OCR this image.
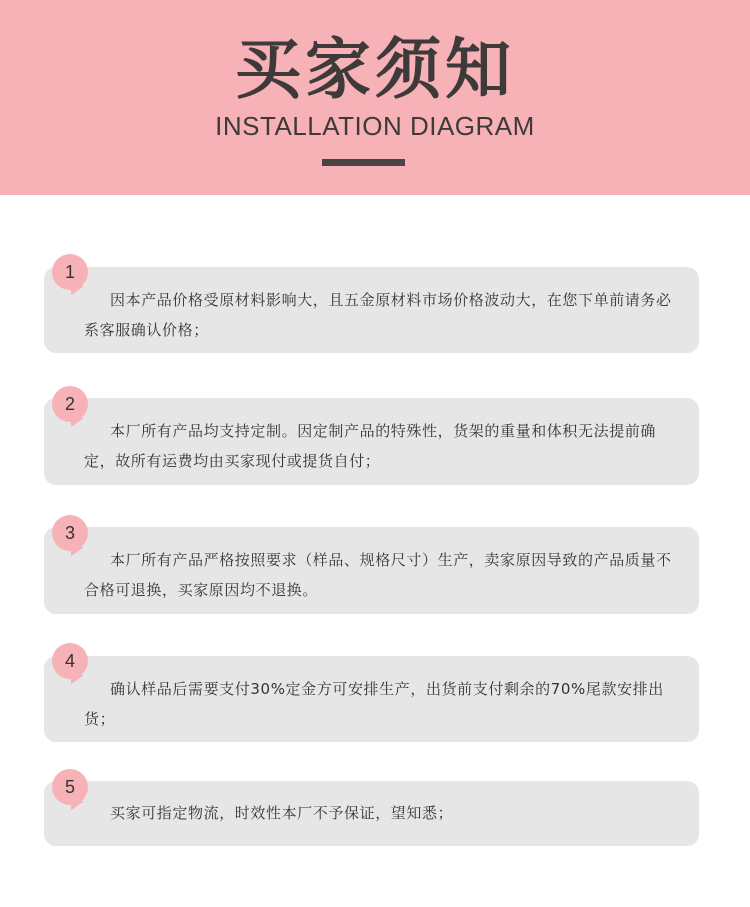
买家须知
INSTALLATION DIAGRAM
因本产品价格受原材料影响大，且五金原材料市场价格波动大，在您下单前请务必系客服确认价格；
1
本厂所有产品均支持定制。因定制产品的特殊性，货架的重量和体积无法提前确定，故所有运费均由买家现付或提货自付；
2
本厂所有产品严格按照要求（样品、规格尺寸）生产，卖家原因导致的产品质量不合格可退换，买家原因均不退换。
3
确认样品后需要支付30%定金方可安排生产，出货前支付剩余的70%尾款安排出货；
4
买家可指定物流，时效性本厂不予保证，望知悉；
5
